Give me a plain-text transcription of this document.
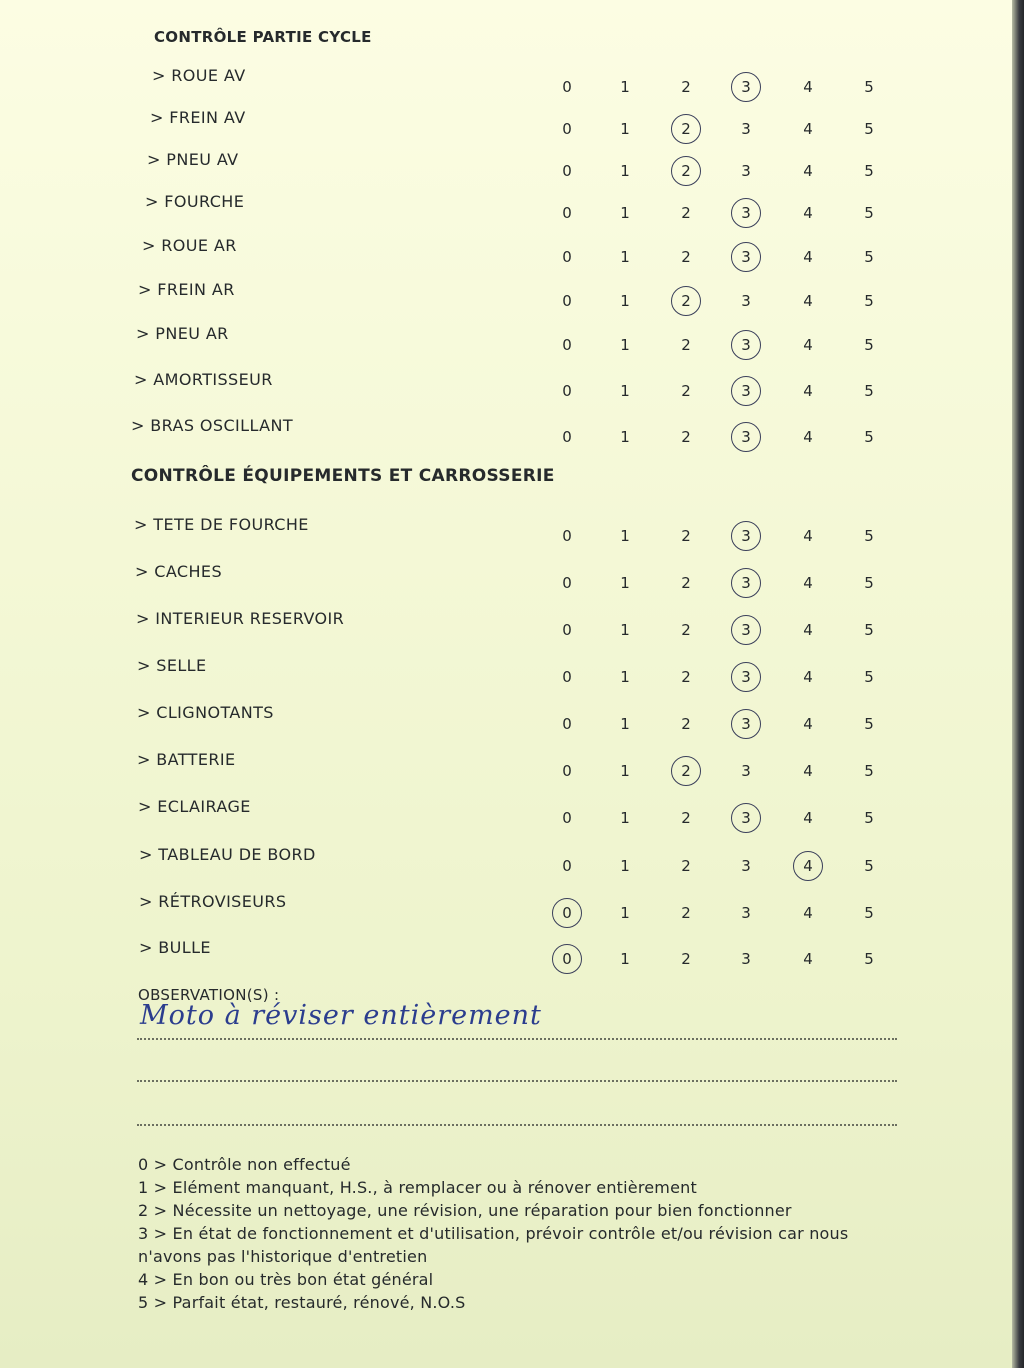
CONTRÔLE PARTIE CYCLE
CONTRÔLE ÉQUIPEMENTS ET CARROSSERIE
> ROUE AV
0	1	2	3	4	5
> FREIN AV
0	1	2	3	4	5
> PNEU AV
0	1	2	3	4	5
> FOURCHE
0	1	2	3	4	5
> ROUE AR
0	1	2	3	4	5
> FREIN AR
0	1	2	3	4	5
> PNEU AR
0	1	2	3	4	5
> AMORTISSEUR
0	1	2	3	4	5
> BRAS OSCILLANT
0	1	2	3	4	5
> TETE DE FOURCHE
0	1	2	3	4	5
> CACHES
0	1	2	3	4	5
> INTERIEUR RESERVOIR
0	1	2	3	4	5
> SELLE
0	1	2	3	4	5
> CLIGNOTANTS
0	1	2	3	4	5
> BATTERIE
0	1	2	3	4	5
> ECLAIRAGE
0	1	2	3	4	5
> TABLEAU DE BORD
0	1	2	3	4	5
> RÉTROVISEURS
0	1	2	3	4	5
> BULLE
0	1	2	3	4	5
OBSERVATION(S) :
Moto à réviser entièrement
0 > Contrôle non effectué
1 > Elément manquant, H.S., à remplacer ou à rénover entièrement
2 > Nécessite un nettoyage, une révision, une réparation pour bien fonctionner
3 > En état de fonctionnement et d'utilisation, prévoir contrôle et/ou révision car nous
n'avons pas l'historique d'entretien
4 > En bon ou très bon état général
5 > Parfait état, restauré, rénové, N.O.S
